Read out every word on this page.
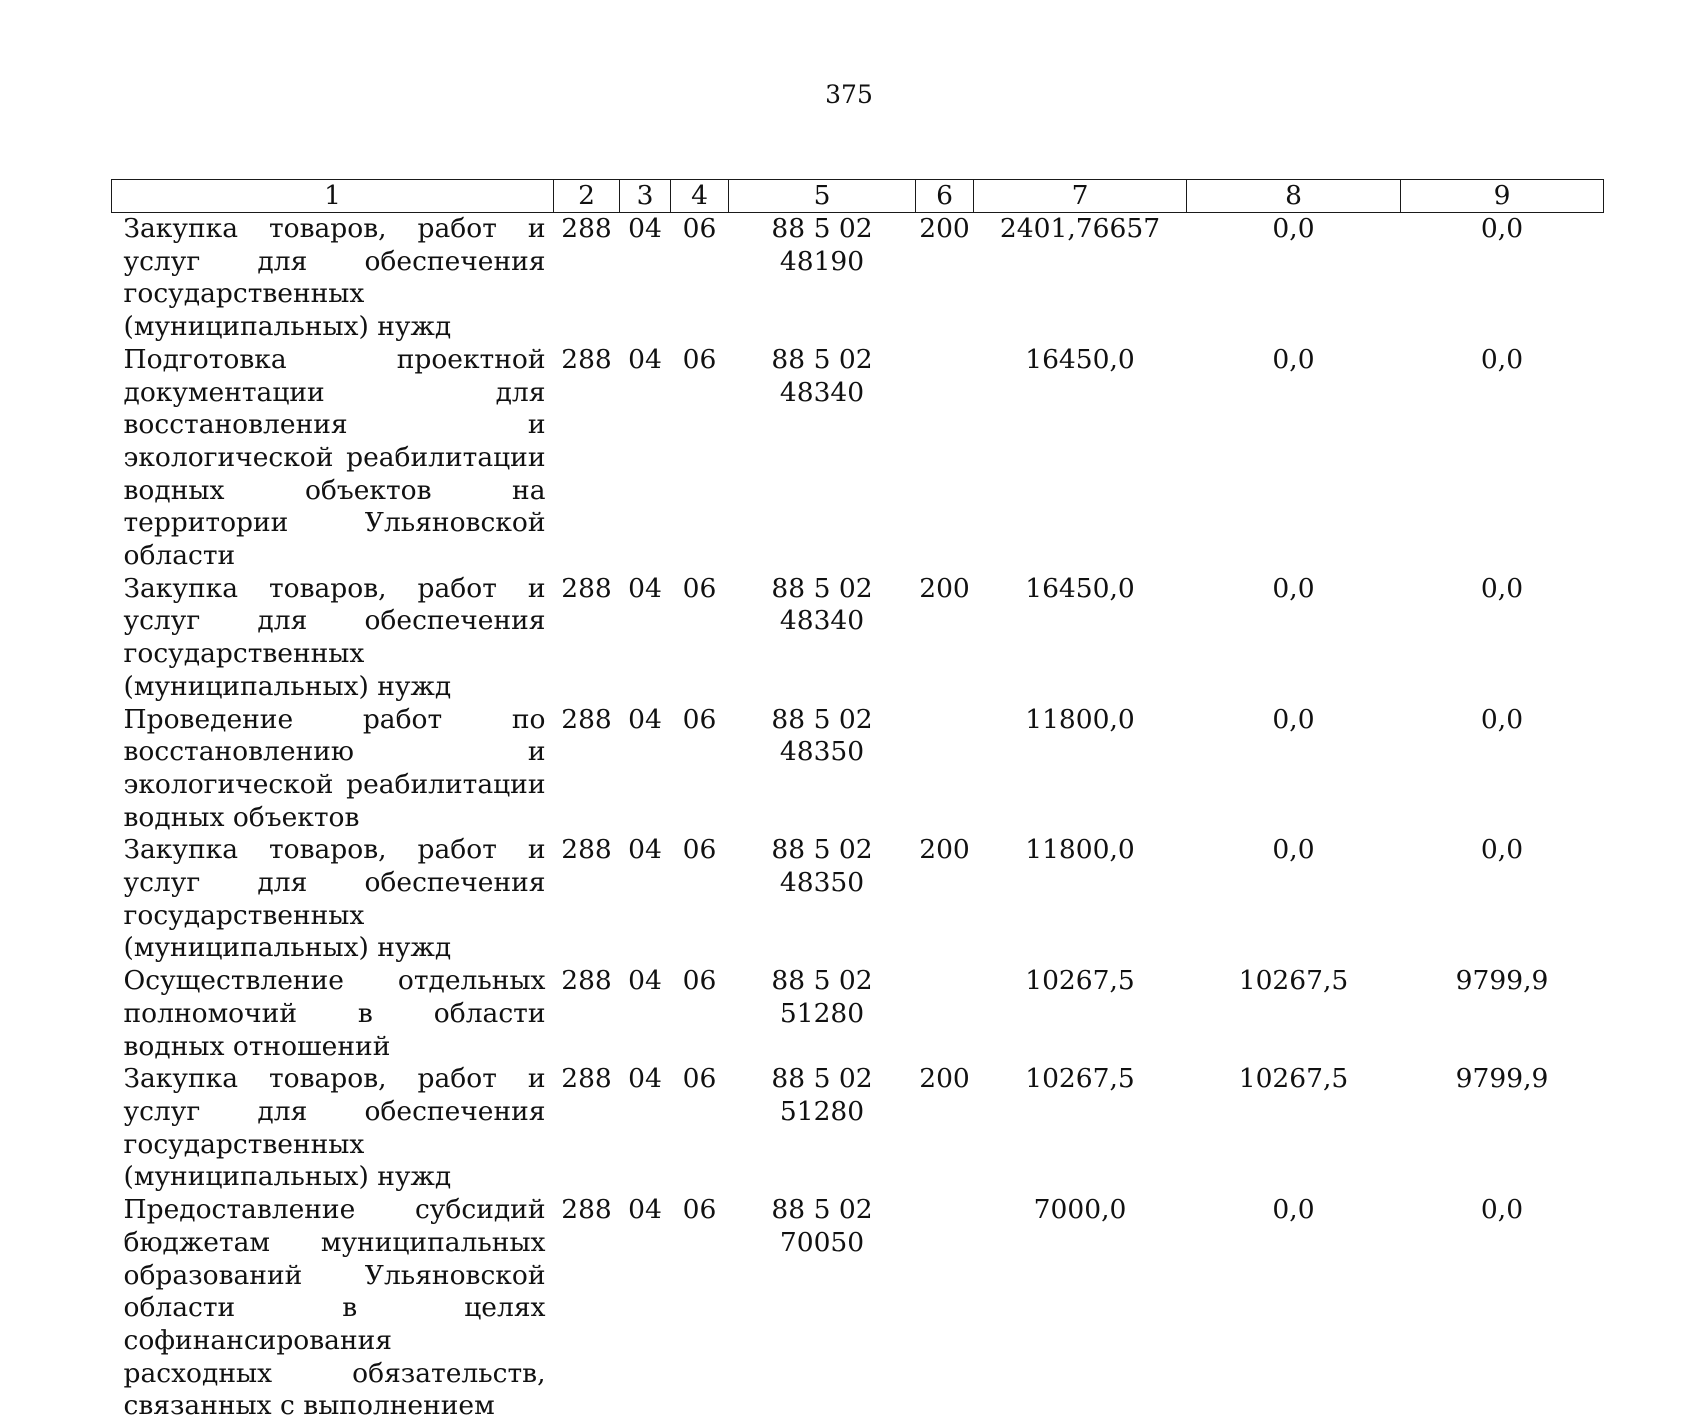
375
1	2	3	4	5	6	7	8	9
Закупка товаров, работ и услуг для обеспечения государственных (муниципальных) нужд	288	04	06	88 5 02 48190	200	2401,76657	0,0	0,0
Подготовка проектной документации для восстановления и экологической реабилитации водных объектов на территории Ульяновской области	288	04	06	88 5 02 48340		16450,0	0,0	0,0
Закупка товаров, работ и услуг для обеспечения государственных (муниципальных) нужд	288	04	06	88 5 02 48340	200	16450,0	0,0	0,0
Проведение работ по восстановлению и экологической реабилитации водных объектов	288	04	06	88 5 02 48350		11800,0	0,0	0,0
Закупка товаров, работ и услуг для обеспечения государственных (муниципальных) нужд	288	04	06	88 5 02 48350	200	11800,0	0,0	0,0
Осуществление отдельных полномочий в области водных отношений	288	04	06	88 5 02 51280		10267,5	10267,5	9799,9
Закупка товаров, работ и услуг для обеспечения государственных (муниципальных) нужд	288	04	06	88 5 02 51280	200	10267,5	10267,5	9799,9
Предоставление субсидий бюджетам муниципальных образований Ульяновской области в целях софинансирования расходных обязательств, связанных с выполнением	288	04	06	88 5 02 70050		7000,0	0,0	0,0
